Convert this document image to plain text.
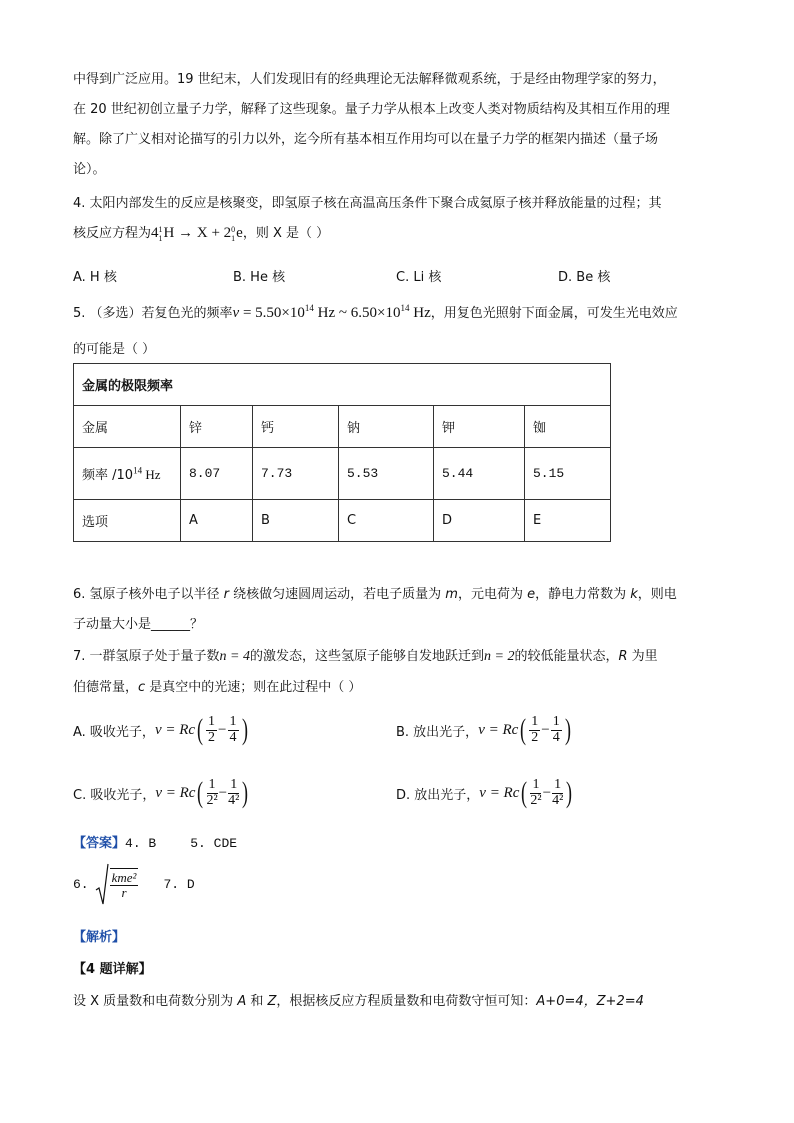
中得到广泛应用。19 世纪末，人们发现旧有的经典理论无法解释微观系统，于是经由物理学家的努力，
在 20 世纪初创立量子力学，解释了这些现象。量子力学从根本上改变人类对物质结构及其相互作用的理
解。除了广义相对论描写的引力以外，迄今所有基本相互作用均可以在量子力学的框架内描述（量子场
论）。
4. 太阳内部发生的反应是核聚变，即氢原子核在高温高压条件下聚合成氦原子核并释放能量的过程；其
核反应方程为4 1
1 H → X + 2 0
1 e，则 X 是（ ）
A. H 核	B. He 核	C. Li 核	D. Be 核
5. （多选）若复色光的频率$\nu = 5.50\times 10^{14}$ Hz ~ $6.50\times 10^{14}$ Hz，用复色光照射下面金属，可发生光电效应
的可能是（ ）
金属的极限频率					
金属	锌	钙	钠	钾	铷
频率 $/10^{14}$ Hz	8.07	7.73	5.53	5.44	5.15
选项	A	B	C	D	E
6. 氢原子核外电子以半径 r 绕核做匀速圆周运动，若电子质量为 m，元电荷为 e，静电力常数为 k，则电
子动量大小是______？
7. 一群氢原子处于量子数n = 4的激发态，这些氢原子能够自发地跃迁到n = 2的较低能量状态，R 为里
伯德常量，c 是真空中的光速；则在此过程中（ ）
A. 吸收光子， ν = Rc ( $\frac{1}{2} - \frac{1}{4}$ )	B. 放出光子， ν = Rc ( $\frac{1}{2} - \frac{1}{4}$ )
C. 吸收光子， ν = Rc ( $\frac{1}{\text{2²}} - \frac{1}{\text{4²}}$ )	D. 放出光子， ν = Rc ( $\frac{1}{\text{2²}} - \frac{1}{\text{4²}}$ )
【答案】4. B	5. CDE
6. $\frac{\text{kme²}}{r} 7$. D
【解析】
【4 题详解】
设 X 质量数和电荷数分别为 A 和 Z，根据核反应方程质量数和电荷数守恒可知：A+0=4，Z+2=4
